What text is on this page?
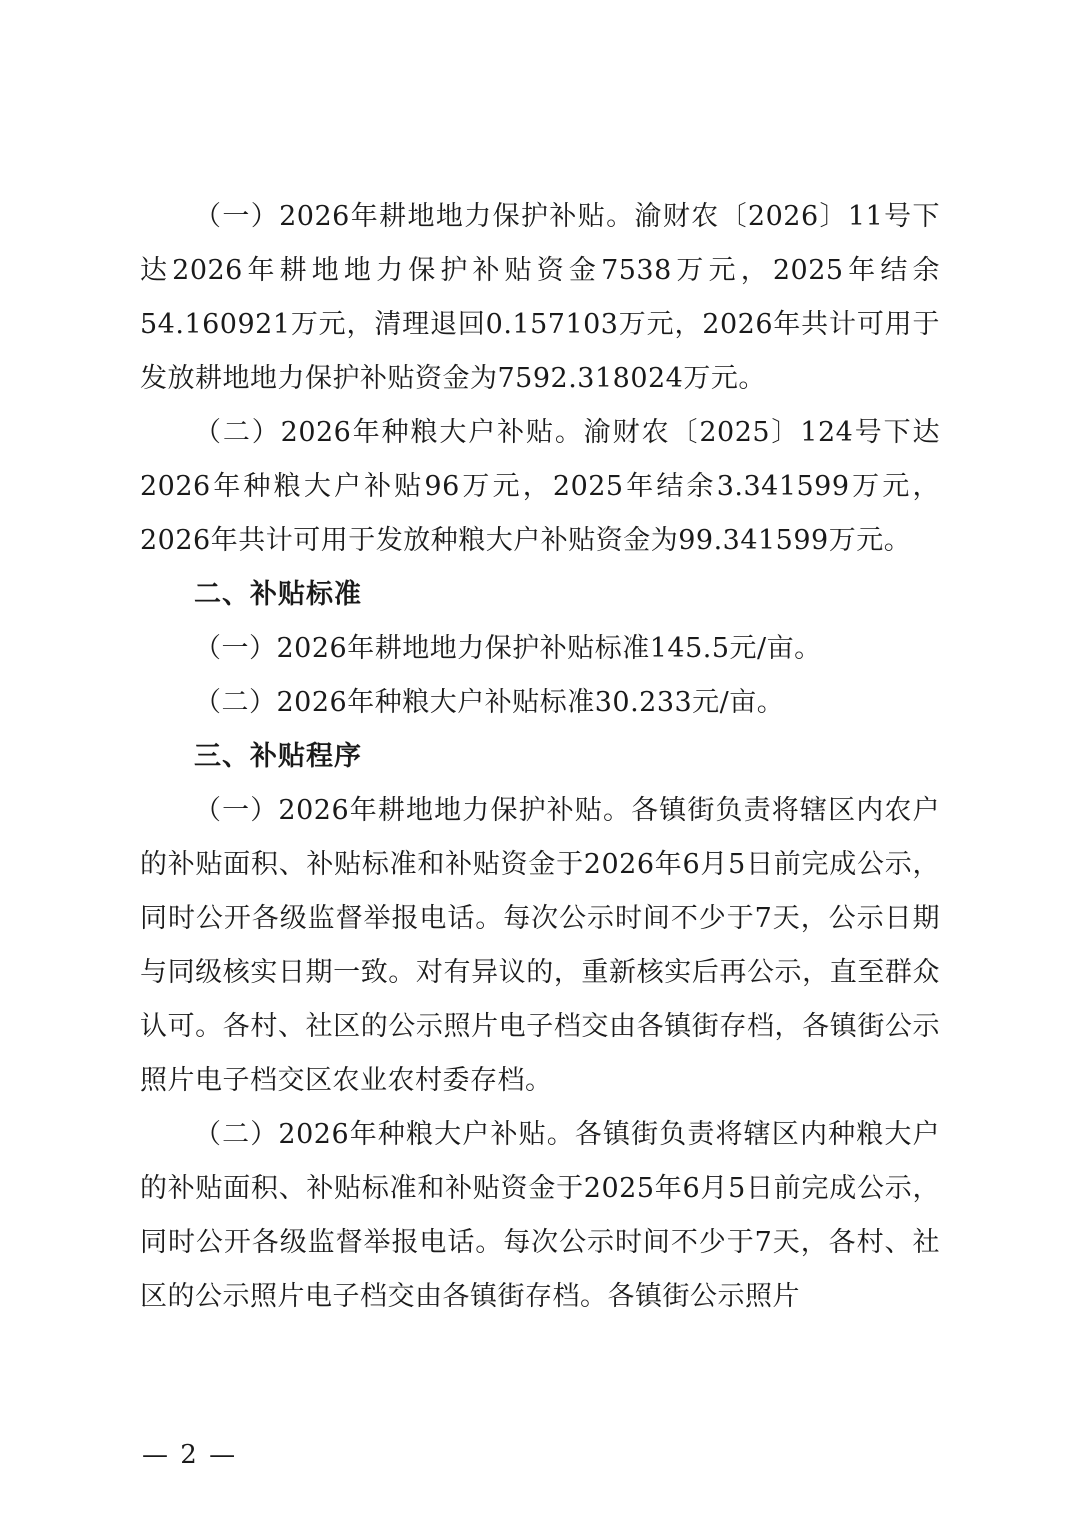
（一）2026年耕地地力保护补贴。渝财农〔2026〕11号下达2026年耕地地力保护补贴资金7538万元，2025年结余54.160921万元，清理退回0.157103万元，2026年共计可用于发放耕地地力保护补贴资金为7592.318024万元。

（二）2026年种粮大户补贴。渝财农〔2025〕124号下达2026年种粮大户补贴96万元，2025年结余3.341599万元，2026年共计可用于发放种粮大户补贴资金为99.341599万元。

二、补贴标准

（一）2026年耕地地力保护补贴标准145.5元/亩。

（二）2026年种粮大户补贴标准30.233元/亩。

三、补贴程序

（一）2026年耕地地力保护补贴。各镇街负责将辖区内农户的补贴面积、补贴标准和补贴资金于2026年6月5日前完成公示，同时公开各级监督举报电话。每次公示时间不少于7天，公示日期与同级核实日期一致。对有异议的，重新核实后再公示，直至群众认可。各村、社区的公示照片电子档交由各镇街存档，各镇街公示照片电子档交区农业农村委存档。

（二）2026年种粮大户补贴。各镇街负责将辖区内种粮大户的补贴面积、补贴标准和补贴资金于2025年6月5日前完成公示，同时公开各级监督举报电话。每次公示时间不少于7天，各村、社区的公示照片电子档交由各镇街存档。各镇街公示照片

— 2 —
